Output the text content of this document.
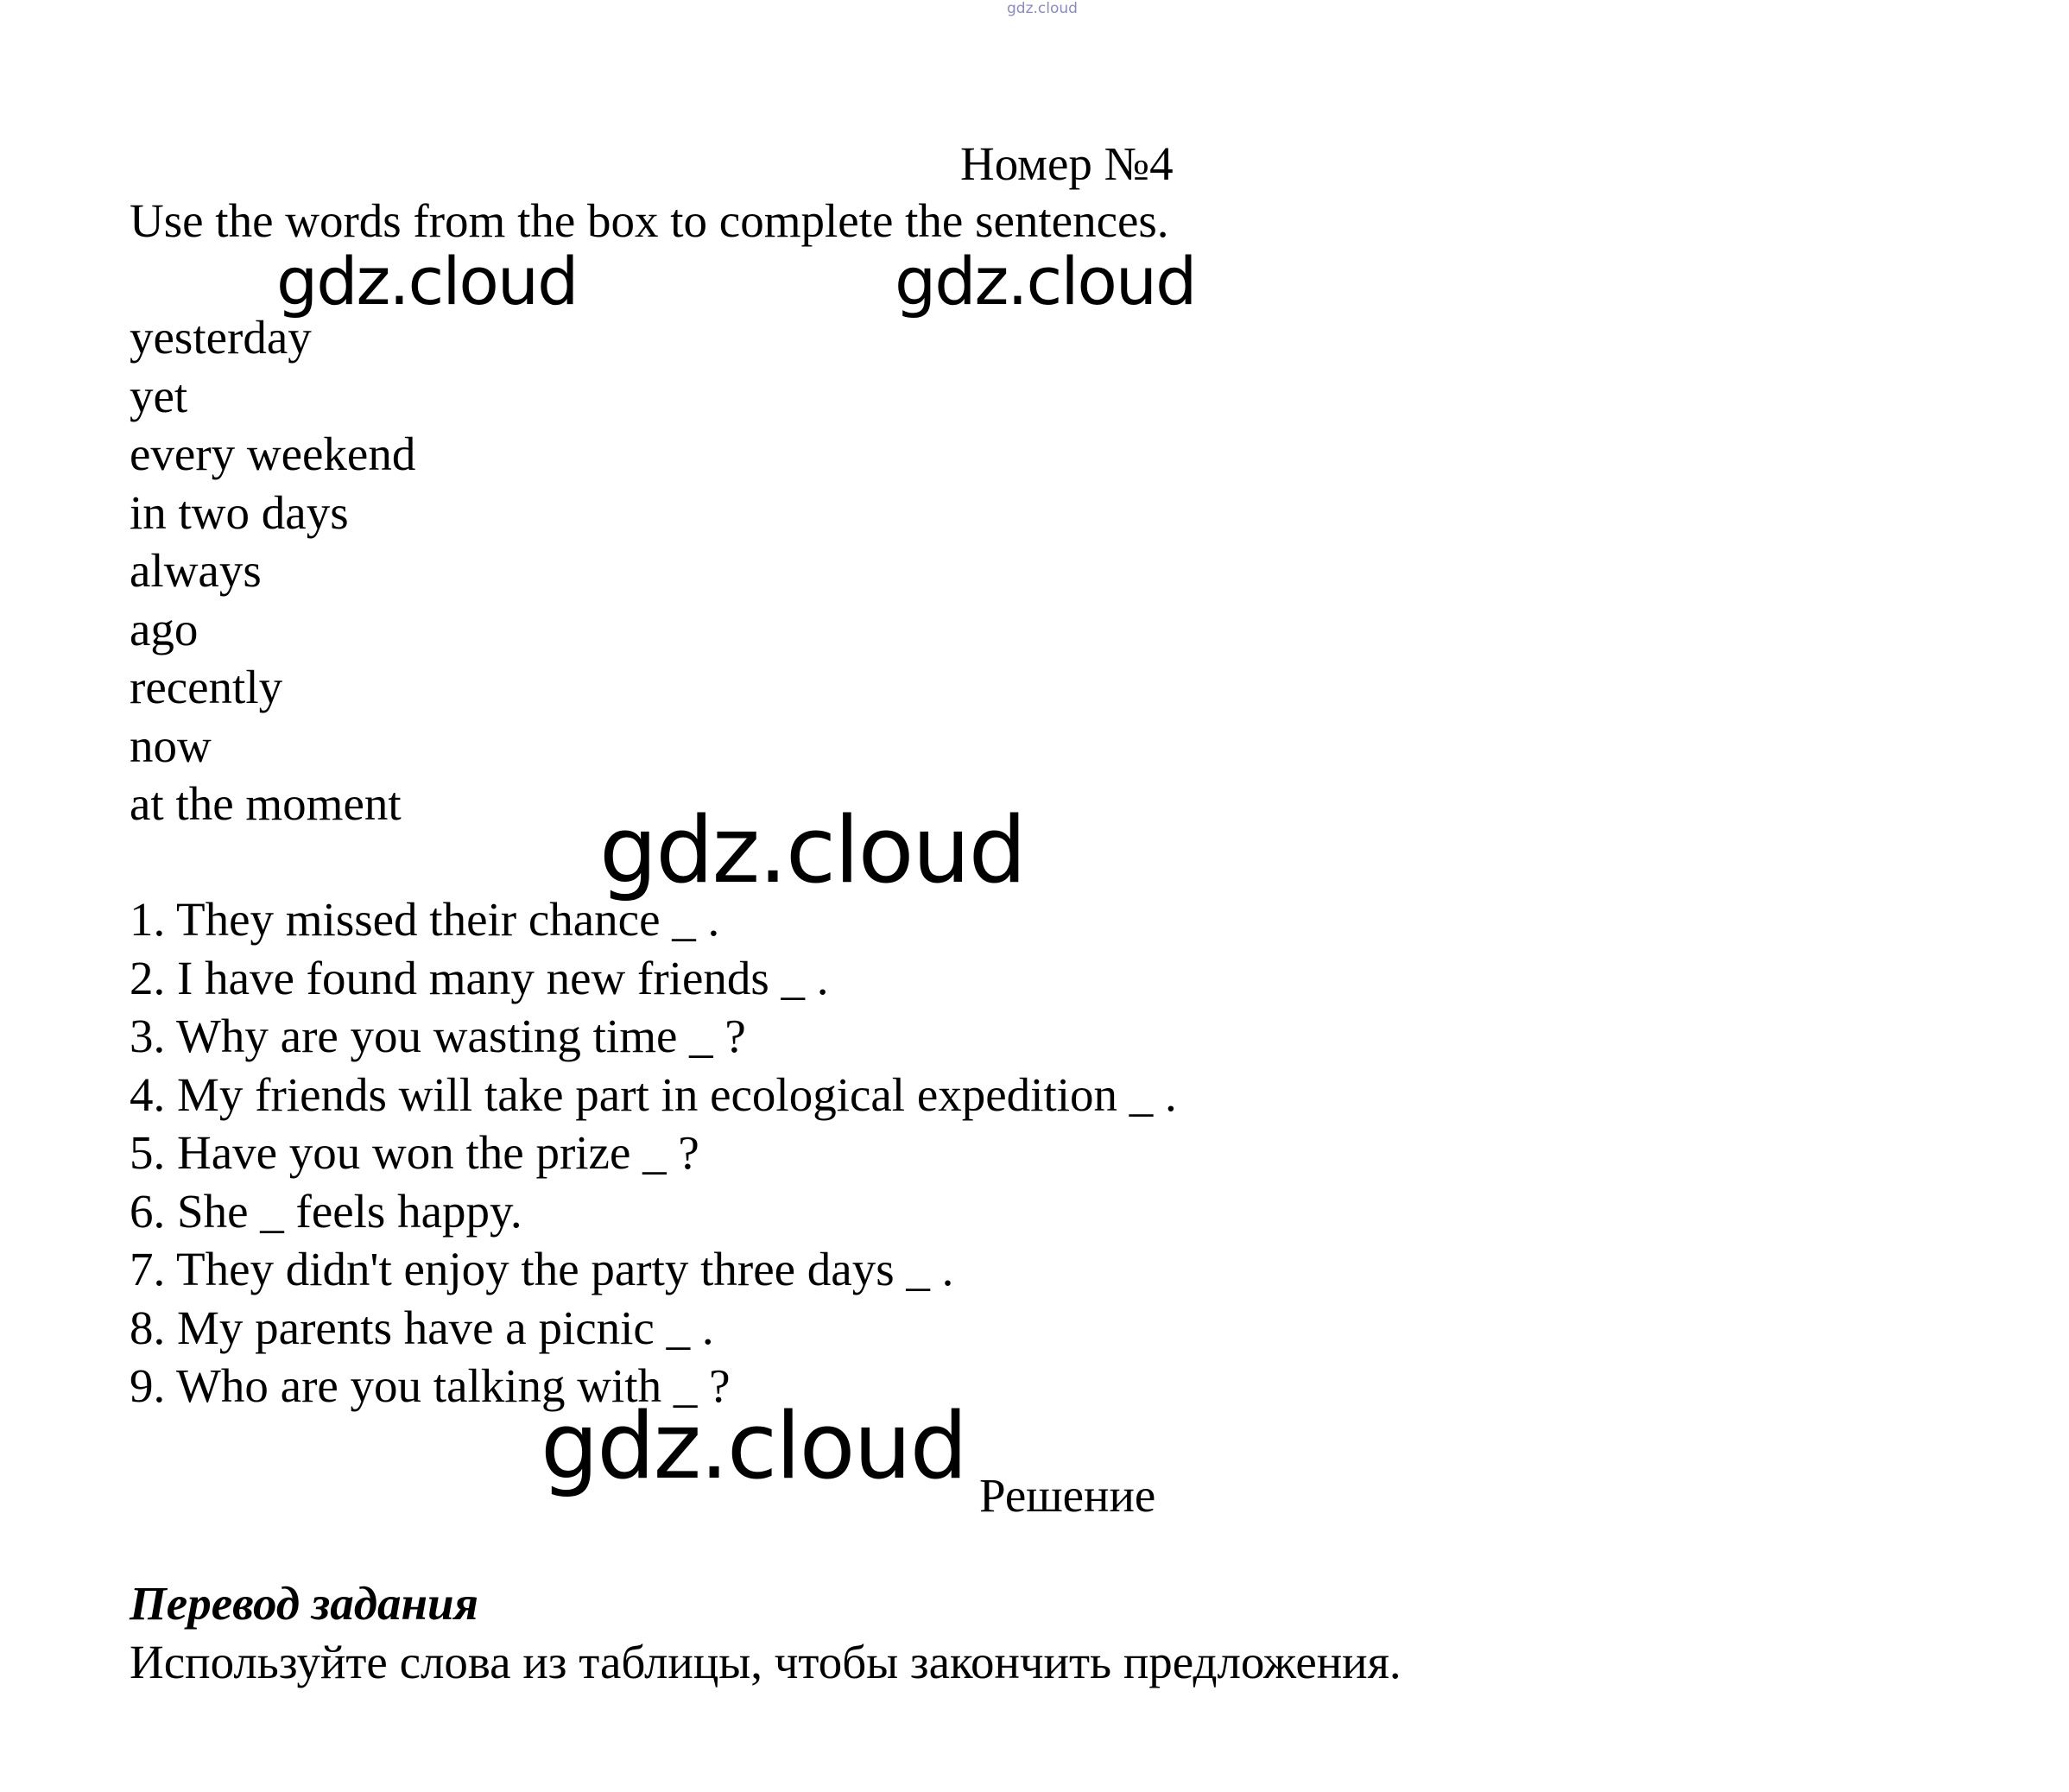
gdz.cloud
Номер №4
Use the words from the box to complete the sentences.
yesterday
yet
every weekend
in two days
always
ago
recently
now
at the moment
1. They missed their chance _ .
2. I have found many new friends _ .
3. Why are you wasting time _ ?
4. My friends will take part in ecological expedition _ .
5. Have you won the prize _ ?
6. She _ feels happy.
7. They didn't enjoy the party three days _ .
8. My parents have a picnic _ .
9. Who are you talking with _ ?
Решение
Перевод задания
Используйте слова из таблицы, чтобы закончить предложения.
gdz.cloud	gdz.cloud
gdz.cloud
gdz.cloud
